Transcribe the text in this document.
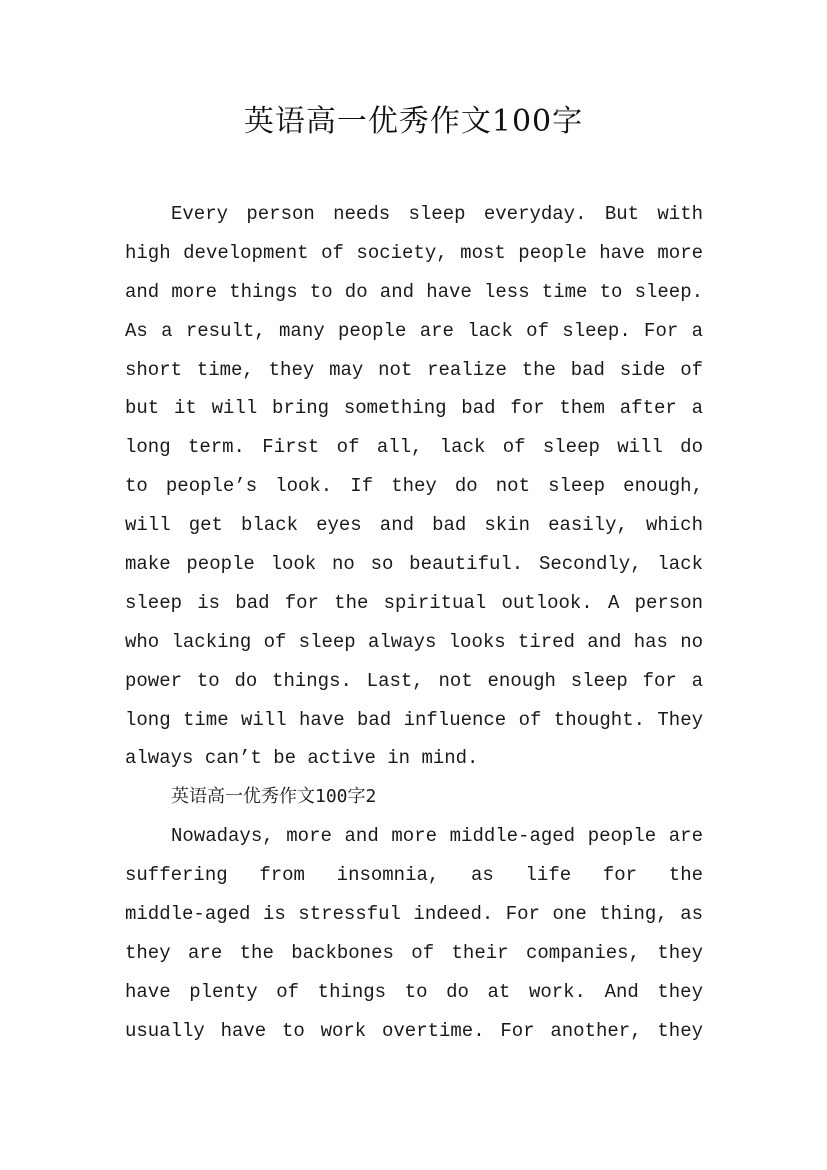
英语高一优秀作文100字
Every person needs sleep everyday. But with
high development of society, most people have more
and more things to do and have less time to sleep.
As a result, many people are lack of sleep. For a
short time, they may not realize the bad side of
but it will bring something bad for them after a
long term. First of all, lack of sleep will do
to people’s look. If they do not sleep enough,
will get black eyes and bad skin easily, which
make people look no so beautiful. Secondly, lack
sleep is bad for the spiritual outlook. A person
who lacking of sleep always looks tired and has no
power to do things. Last, not enough sleep for a
long time will have bad influence of thought. They
always can’t be active in mind.
英语高一优秀作文100字2
Nowadays, more and more middle-aged people are
suffering from insomnia, as life for the
middle-aged is stressful indeed. For one thing, as
they are the backbones of their companies, they
have plenty of things to do at work. And they
usually have to work overtime. For another, they
